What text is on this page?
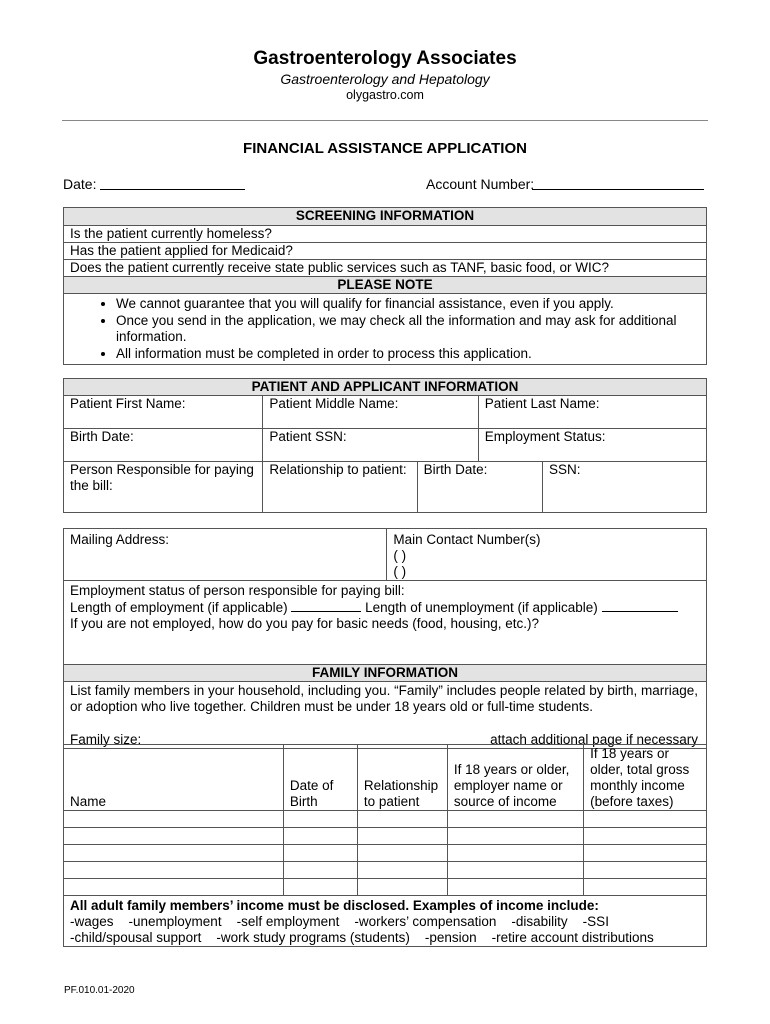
Gastroenterology Associates
Gastroenterology and Hepatology
olygastro.com
FINANCIAL ASSISTANCE APPLICATION
Date:	Account Number:
SCREENING INFORMATION
Is the patient currently homeless?
Has the patient applied for Medicaid?
Does the patient currently receive state public services such as TANF, basic food, or WIC?
PLEASE NOTE

• We cannot guarantee that you will qualify for financial assistance, even if you apply.
• Once you send in the application, we may check all the information and may ask for additional information.
• All information must be completed in order to process this application.
PATIENT AND APPLICANT INFORMATION		
Patient First Name:	Patient Middle Name:	Patient Last Name:
Birth Date:	Patient SSN:	Employment Status:
Person Responsible for paying the bill:	Relationship to patient:	Birth Date:	SSN:
Mailing Address:	Main Contact Number(s)
( )
( )

Employment status of person responsible for paying bill:
Length of employment (if applicable)	Length of unemployment (if applicable)
If you are not employed, how do you pay for basic needs (food, housing, etc.)?

FAMILY INFORMATION

List family members in your household, including you. “Family” includes people related by birth, marriage, or adoption who live together. Children must be under 18 years old or full-time students.
Family size:	attach additional page if necessary
Name	Date of Birth	Relationship to patient	If 18 years or older, employer name or source of income	If 18 years or older, total gross monthly income (before taxes)

All adult family members’ income must be disclosed. Examples of income include:
-wages    -unemployment    -self employment    -workers’ compensation    -disability    -SSI
-child/spousal support    -work study programs (students)    -pension    -retire account distributions				
PF.010.01-2020
